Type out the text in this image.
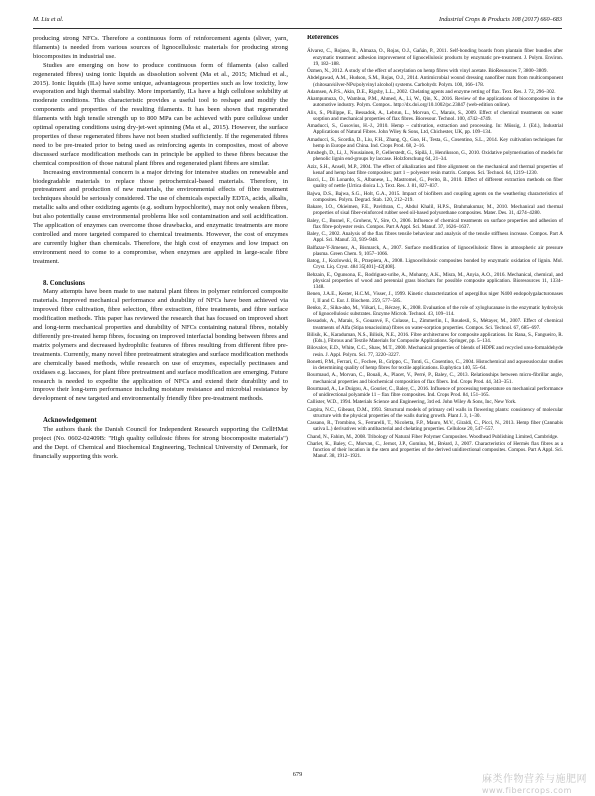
M. Liu et al.	Industrial Crops & Products 108 (2017) 660–683

producing strong NFCs. Therefore a continuous form of reinforcement agents (sliver, yarn, filaments) is needed from various sources of lignocellulosic materials for producing strong biocomposites in industrial use.

Studies are emerging on how to produce continuous form of filaments (also called regenerated fibres) using ionic liquids as dissolution solvent (Ma et al., 2015; Michud et al., 2015). Ionic liquids (ILs) have some unique, advantageous properties such as low toxicity, low evaporation and high thermal stability. More importantly, ILs have a high cellulose solubility at moderate conditions. This characteristic provides a useful tool to reshape and modify the components and properties of the resulting filaments. It has been shown that regenerated filaments with high tensile strength up to 800 MPa can be achieved with pure cellulose under optimal operating conditions using dry-jet-wet spinning (Ma et al., 2015). However, the surface properties of these regenerated fibres have not been studied sufficiently. If the regenerated fibres need to be pre-treated prior to being used as reinforcing agents in composites, most of above discussed surface modification methods can in principle be applied to these fibres because the chemical composition of those natural plant fibres and regenerated plant fibres are similar.

Increasing environmental concern is a major driving for intensive studies on renewable and biodegradable materials to replace those petrochemical-based materials. Therefore, in pretreatment and production of new materials, the environmental effects of fibre treatment techniques should be seriously considered. The use of chemicals especially EDTA, acids, alkalis, metallic salts and other oxidizing agents (e.g. sodium hypochlorite), may not only weaken fibres, but also potentially cause environmental problems like soil contamination and soil acidification. The application of enzymes can overcome those drawbacks, and enzymatic treatments are more controlled and more targeted compared to chemical treatments. However, the cost of enzymes are currently higher than chemicals. Therefore, the high cost of enzymes and low impact on environment need to come to a compromise, when enzymes are applied in large-scale fibre treatment.

8. Conclusions

Many attempts have been made to use natural plant fibres in polymer reinforced composite materials. Improved mechanical performance and durability of NFCs have been achieved via improved fibre cultivation, fibre selection, fibre extraction, fibre treatments, and fibre surface modification methods. This paper has reviewed the research that has focused on improved short and long-term mechanical properties and durability of NFCs containing natural fibres, notably differently pre-treated hemp fibres, focusing on improved interfacial bonding between fibres and matrix polymers and decreased hydrophilic features of fibres resulting from different fibre pre-treatments. Currently, many novel fibre pretreatment strategies and surface modification methods are chemically based methods, while research on use of enzymes, especially pectinases and oxidases e.g. laccases, for plant fibre pretreatment and surface modification are emerging. Future research is needed to expedite the application of NFCs and extend their durability and to improve their long-term performance including moisture resistance and microbial resistance by development of new targeted and environmentally friendly fibre pre-treatment methods.

Acknowledgement

The authors thank the Danish Council for Independent Research supporting the CellHMat project (No. 0602-02409B: "High quality cellulosic fibres for strong biocomposite materials") and the Dept. of Chemical and Biochemical Engineering, Technical University of Denmark, for financially supporting this work.

References
Álvarez, C., Rojano, B., Almaza, O., Rojas, O.J., Gañán, P., 2011. Self-bonding boards from plantain fiber bundles after enzymatic treatment: adhesion improvement of lignocellulosic products by enzymatic pre-treatment. J. Polym. Environ. 19, 182–188.
Özmen, N., 2012. A study of the effect of acetylation on hemp fibres with vinyl acetate. BioResources 7, 3800–3809.
Abdelgawad, A.M., Hudson, S.M., Rojas, O.J., 2014. Antimicrobial wound dressing nanofiber mats from multicomponent (chitosan/silver-NPs/polyvinyl alcohol) systems. Carbohydr. Polym. 100, 166–178.
Adamsen, A.P.S., Akin, D.E., Rigsby, L.L., 2002. Chelating agents and enzyme retting of flax. Text. Res. J. 72, 296–302.
Akampumuza, O., Wambua, P.M., Ahmed, A., Li, W., Qin, X., 2016. Review of the applications of biocomposites in the automotive industry. Polym. Compos.. http://dx.doi.org/10.1002/pc.23847 (web-edition online).
Alix, S., Philippe, E., Bessadok, A., Lebrun, L., Morvan, C., Marais, S., 2009. Effect of chemical treatments on water sorption and mechanical properties of flax fibres. Bioresour. Technol. 100, 4742–4749.
Amaducci, S., Gusovius, H.-J., 2010. Hemp – cultivation, extraction and processing. In: Müssig, J. (Ed.), Industrial Applications of Natural Fibres. John Wiley & Sons, Ltd, Chichester, UK, pp. 109–134.
Amaducci, S., Scordia, D., Liu, F.H., Zhang, Q., Guo, H., Testa, G., Cosentino, S.L., 2014. Key cultivation techniques for hemp in Europe and China. Ind. Crops Prod. 68, 2–16.
Amsbegh, D., Li, J., Nousiainen, P., Gellerstedt, G., Sipilä, J., Henriksson, G., 2010. Oxidative polymerisation of models for phenolic lignin end-groups by laccase. Holzforschung 64, 21–34.
Aziz, S.H., Ansell, M.P., 2004. The effect of alkalization and fibre alignment on the mechanical and thermal properties of kenaf and hemp bast fibre composites: part 1 – polyester resin matrix. Compos. Sci. Technol. 64, 1219–1230.
Bacci, L., Di Lonardo, S., Albanese, L., Mastromei, G., Perito, B., 2010. Effect of different extraction methods on fiber quality of nettle (Urtica dioica L.). Text. Res. J. 81, 827–837.
Bajwa, D.S., Bajwa, S.G., Holt, G.A., 2015. Impact of biofibers and coupling agents on the weathering characteristics of composites. Polym. Degrad. Stab. 120, 212–219.
Bakare, I.O., Okieimen, F.E., Pavithran, C., Abdul Khalil, H.P.S., Brahmakumar, M., 2010. Mechanical and thermal properties of sisal fiber-reinforced rubber seed oil-based polyurethane composites. Mater. Des. 31, 4274–4280.
Baley, C., Busnel, F., Grohens, Y., Sire, O., 2006. Influence of chemical treatments on surface properties and adhesion of flax fibre-polyester resin. Compos. Part A Appl. Sci. Manuf. 37, 1626–1637.
Baley, C., 2002. Analysis of the flax fibres tensile behaviour and analysis of the tensile stiffness increase. Compos. Part A Appl. Sci. Manuf. 33, 939–948.
Balfazar-Y-Jimenez, A., Bismarck, A., 2007. Surface modification of lignocellulosic fibres in atmospheric air pressure plasma. Green Chem. 9, 1057–1066.
Batog, J., Kozlowski, R., Przepiera, A., 2008. Lignocellulosic composites bonded by enzymatic oxidation of lignin. Mol. Cryst. Liq. Cryst. 484 35[401]–42[408].
Behzain, E., Ogunsona, E., Rodriguez-uribe, A., Mohanty, A.K., Misra, M., Anyia, A.O., 2016. Mechanical, chemical, and physical properties of wood and perennial grass biochars for possible composite application. Bioresources 11, 1334–1348.
Benen, J.A.E., Kester, H.C.M., Visser, J., 1999. Kinetic characterization of aspergillus niger N400 endopolygalacturonases I, II and C. Eur. J. Biochem. 259, 577–585.
Benko, Z., Siika-aho, M., Viikari, L., Réczey, K., 2008. Evaluation of the role of xyloglucanase in the enzymatic hydrolysis of lignocellulosic substrates. Enzyme Microb. Technol. 43, 109–114.
Bessadok, A., Marais, S., Gouanvé, F., Colasse, L., Zimmerlin, I., Roudesli, S., Métayer, M., 2007. Effect of chemical treatments of Alfa (Stipa tenacissima) fibres on water-sorption properties. Compos. Sci. Technol. 67, 685–697.
Bilisik, K., Karaduman, N.S., Bilisik, N.E., 2016. Fibre architectures for composite applications. In: Rana, S., Fangueiro, R. (Eds.), Fibrous and Textile Materials for Composite Applications. Springer, pp. 5–134.
Bilovalov, E.D., White, C.C., Shaw, M.T., 2000. Mechanical properties of blends of HDPE and recycled urea-formaldehyde resin. J. Appl. Polym. Sci. 77, 3220–3227.
Bonetti, P.M., Ferrari, C., Fochee, B., Grippo, C., Tonti, G., Cosentino, C., 2004. Histochemical and aqueouslocular studies in determining quality of hemp fibres for textile applications. Euphytica 140, 55–64.
Bourmaud, A., Morvan, C., Bouali, A., Placet, V., Perré, P., Baley, C., 2013. Relationships between micro-fibrillar angle, mechanical properties and biochemical composition of flax fibers. Ind. Crops Prod. 44, 343–351.
Bourmaud, A., Le Duigou, A., Gourier, C., Baley, C., 2016. Influence of processing temperature on mechanical performance of unidirectional polyamide 11 – flax fibre composites. Ind. Crops Prod. 84, 151–165.
Callister, W.D., 1994. Materials Science and Engineering, 3rd ed. John Wiley & Sons, Inc, New York.
Carpita, N.C., Gibeaut, D.M., 1993. Structural models of primary cell walls in flowering plants: consistency of molecular structure with the physical properties of the walls during growth. Plant J. 3, 1–30.
Cassano, R., Trombino, S., Ferrarelli, T., Nicoletta, F.P., Mauro, M.V., Giraldi, C., Picci, N., 2013. Hemp fiber (Cannabis sativa L.) derivatives with antibacterial and chelating properties. Cellulose 20, 547–557.
Chand, N., Fahim, M., 2008. Tribology of Natural Fiber Polymer Composites. Woodhead Publishing Limited, Cambridge.
Charlet, K., Baley, C., Morvan, C., Jernot, J.P., Gomina, M., Bréard, J., 2007. Characteristics of Hermès flax fibres as a function of their location in the stem and properties of the derived unidirectional composites. Compos. Part A Appl. Sci. Manuf. 38, 1912–1921.
679	麻类作物营养与施肥网
www.fibercrops.com
